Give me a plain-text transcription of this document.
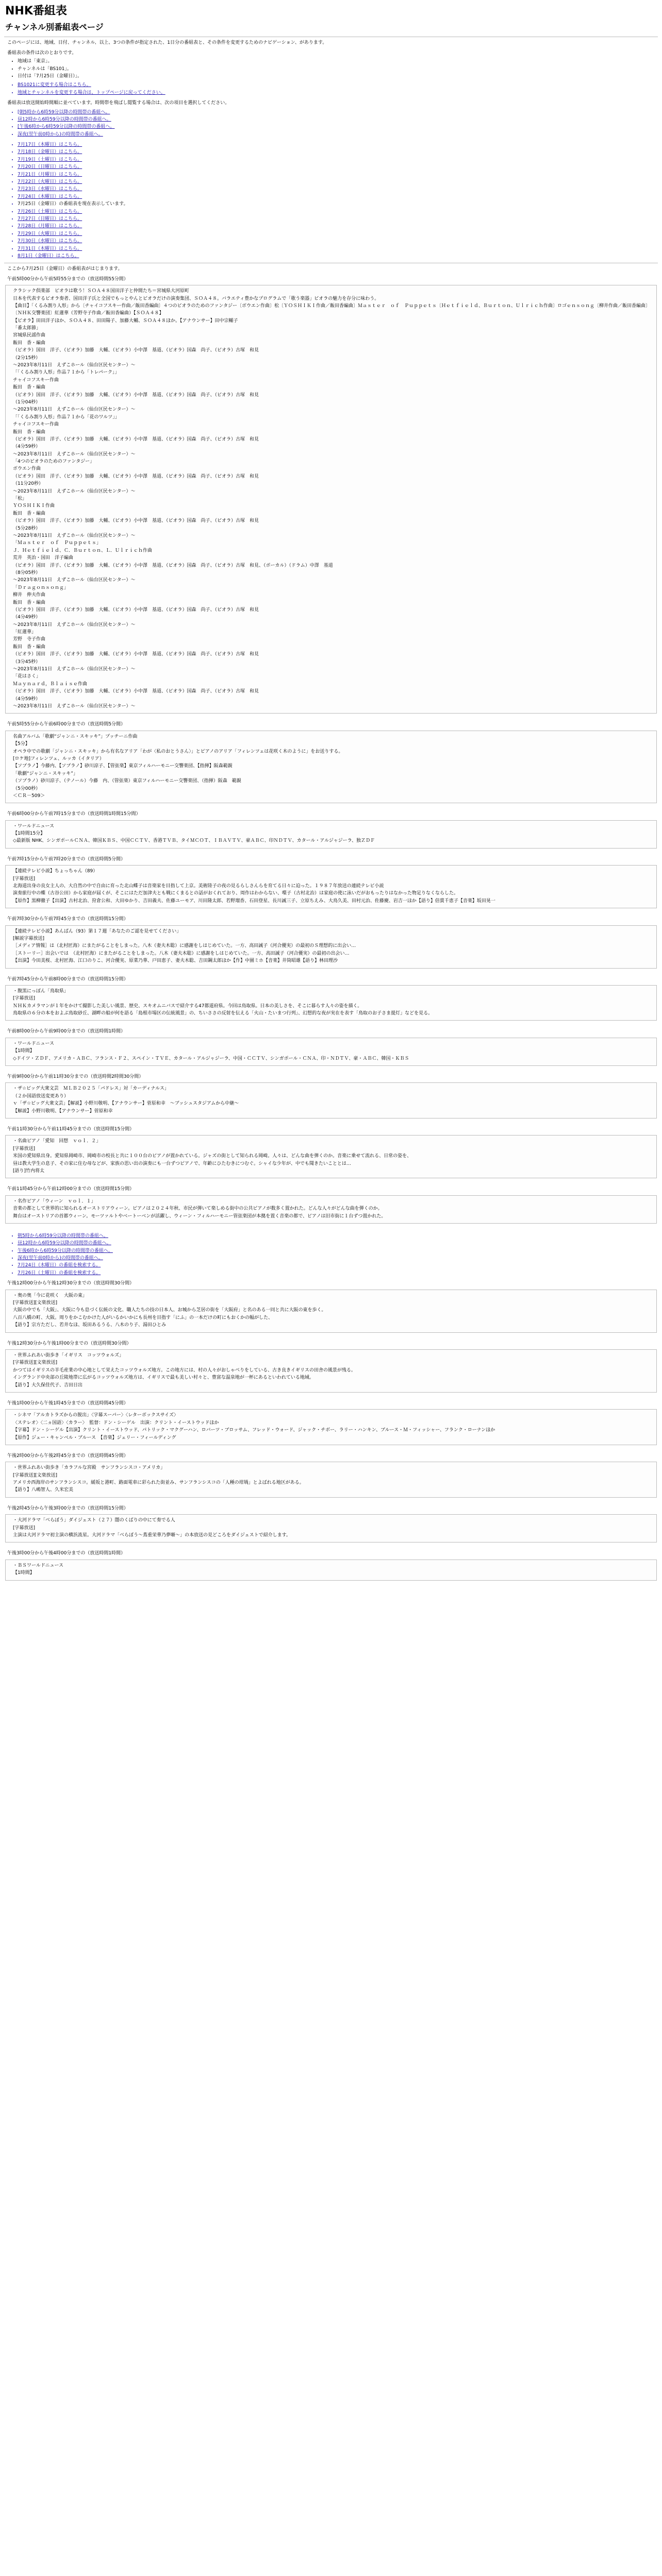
NHK番組表
チャンネル別番組表ページ

このページには、地域、日付、チャンネル、以上、3つの条件が指定された、1日分の番組表と、その条件を変更するためのナビゲーション、があります。

番組表の条件は次のとおりです。

• 地域は「東京」。
• チャンネルは「BS101」。
• 日付は「7月25日（金曜日）」。
• BS1021に変更する場合はこちら。
• 地域とチャンネルを変更する場合は、トップページに戻ってください。

番組表は放送開始時間順に並べています。時間帯を飛ばし閲覧する場合は、次の項目を選択してください。

• [朝5時から6時59分以降の時間帯の番組へ。
• 昼12時から6時59分以降の時間帯の番組へ。
• [午後6時から6時59分以降の時間帯の番組へ。
• 深夜(翌午前0時から)の時間帯の番組へ。
• 7月17日（木曜日）はこちら。
• 7月18日（金曜日）はこちら。
• 7月19日（土曜日）はこちら。
• 7月20日（日曜日）はこちら。
• 7月21日（月曜日）はこちら。
• 7月22日（火曜日）はこちら。
• 7月23日（水曜日）はこちら。
• 7月24日（木曜日）はこちら。
• 7月25日（金曜日）の番組表を現在表示しています。
• 7月26日（土曜日）はこちら。
• 7月27日（日曜日）はこちら。
• 7月28日（月曜日）はこちら。
• 7月29日（火曜日）はこちら。
• 7月30日（水曜日）はこちら。
• 7月31日（木曜日）はこちら。
• 8月1日（金曜日）はこちら。

ここから7月25日（金曜日）の番組表がはじまります。

午前5時00分から午前5時55分までの（放送時間55分間）

クラシック倶楽部　ピオラは歌う！ＳＯＡ４８国田洋子と仲間たち＝宮城県大河原町

日本を代表するビオラ奏者、国田洋子氏と全国でもっとやんとビオラだけの演奏集団、ＳＯＡ４８。バラエティ豊かなプログラムで「歌う楽器」ビオラの魅力を存分に味わう。

【曲目】「くるみ割り人形」から〔チャイコフスキー作曲／飯田香編曲〕４つのビオラのためのファンタジー〔ボウエン作曲〕松〔ＹＯＳＨＩＫＩ作曲／飯田香編曲〕Ｍａｓｔｅｒ　ｏｆ　Ｐｕｐｐｅｔｓ〔Ｈｅｔｆｉｅｌｄ、Ｂｕｒｔｏｎ、Ｕｌｒｉｃｈ作曲〕ロゴｅｎｓｏｎｇ〔柳井作曲／飯田香編曲〕　〔ＮＨＫ交響楽団〕紅蓮華（芳野寺子作曲／飯田香編曲）【ＳＯＡ４８】

【ビオラ】田田洋子ほか、ＳＯＡ４８、田田陽子、加藤大輔、ＳＯＡ４８ほか。【アナウンサー】田中宗輔子

「番太郎節」

宮城県民謡作曲

飯田　香・編曲

（ビオラ）国田　洋子、（ビオラ）加藤　大輔、（ビオラ）小中澤　基道、（ビオラ）国森　尚子、（ビオラ）古塚　和見

（2分15秒）

～2023年8月11日　えずこホール（仙台区民センター）～

「「くるみ割り人形」作品７１から「トレパーク」」

チャイコフスキー作曲

飯田　香・編曲

（ビオラ）国田　洋子、（ビオラ）加藤　大輔、（ビオラ）小中澤　基道、（ビオラ）国森　尚子、（ビオラ）古塚　和見

（1分04秒）

～2023年8月11日　えずこホール（仙台区民センター）～

「「くるみ割り人形」作品７１から「花のワルツ」」

チャイコフスキー作曲

飯田　香・編曲

（ビオラ）国田　洋子、（ビオラ）加藤　大輔、（ビオラ）小中澤　基道、（ビオラ）国森　尚子、（ビオラ）古塚　和見

（4分59秒）

～2023年8月11日　えずこホール（仙台区民センター）～

「4つのビオラのためのファンタジー」

ボウエン作曲

（ビオラ）国田　洋子、（ビオラ）加藤　大輔、（ビオラ）小中澤　基道、（ビオラ）国森　尚子、（ビオラ）古塚　和見

（11分20秒）

～2023年8月11日　えずこホール（仙台区民センター）～

「松」

ＹＯＳＨＩＫＩ作曲

飯田　香・編曲

（ビオラ）国田　洋子、（ビオラ）加藤　大輔、（ビオラ）小中澤　基道、（ビオラ）国森　尚子、（ビオラ）古塚　和見

（5分28秒）

～2023年8月11日　えずこホール（仙台区民センター）～

「Ｍａｓｔｅｒ　ｏｆ　Ｐｕｐｐｅｔｓ」

Ｊ．Ｈｅｔｆｉｅｌｄ、Ｃ．Ｂｕｒｔｏｎ、Ｌ．Ｕｌｒｉｃｈ作曲

荒井　英治・国田　洋子編曲

（ビオラ）国田　洋子、（ビオラ）加藤　大輔、（ビオラ）小中澤　基道、（ビオラ）国森　尚子、（ビオラ）古塚　和見、（ボーカル）（ドラム）中澤　基道

（8分05秒）

～2023年8月11日　えずこホール（仙台区民センター）～

「Ｄｒａｇｏｎｓｏｎｇ」

柳井　伸夫作曲

飯田　香・編曲

（ビオラ）国田　洋子、（ビオラ）加藤　大輔、（ビオラ）小中澤　基道、（ビオラ）国森　尚子、（ビオラ）古塚　和見

（4分49秒）

～2023年8月11日　えずこホール（仙台区民センター）～

「紅蓮華」

芳野　寺子作曲

飯田　香・編曲

（ビオラ）国田　洋子、（ビオラ）加藤　大輔、（ビオラ）小中澤　基道、（ビオラ）国森　尚子、（ビオラ）古塚　和見

（3分45秒）

～2023年8月11日　えずこホール（仙台区民センター）～

「花はさく」

Ｍａｙｎａｒｄ，Ｂｌａｉｓｅ作曲

（ビオラ）国田　洋子、（ビオラ）加藤　大輔、（ビオラ）小中澤　基道、（ビオラ）国森　尚子、（ビオラ）古塚　和見

（4分59秒）

～2023年8月11日　えずこホール（仙台区民センター）～

午前5時55分から午前6時00分までの（放送時間5分間）

名曲アルバム「歌劇“ジャンニ・スキッキ”」プッチーニ作曲

【5分】

オペラ中での歌劇「ジャンニ・スキッキ」から有名なアリア「わが〈私のおとうさん〉」とピアノのアリア「フィレンツェは花咲く木のように」をお送りする。

[ロケ地]フィレンツェ、ルッカ（イタリア）

【ソプラノ】今藤内、【ソプラノ】砂川涼子、【管弦楽】東京フィルハーモニー交響楽団、【指揮】阪森範親

「歌劇“ジャンニ・スキッキ”」

（ソプラノ）砂川涼子、（テノール）今藤　内、（管弦楽）東京フィルハーモニー交響楽団、（指揮）阪森　範親

（5分00秒）

＜ＣＲ－509＞

午前6時00分から午前7時15分までの（放送時間1時間15分間）

・ワールドニュース

【1時間15分】

◇最新版 NHK、シンガポールＣＮＡ、韓国ＫＢＳ、中国ＣＣＴＶ、香港ＴＶＢ、タイＭＣＯＴ、ＩＢＡＶＴＶ、豪ＡＢＣ、印ＮＤＴＶ、カタール・アルジャジーラ、独ＺＤＦ

午前7時15分から午前7時20分までの（放送時間5分間）

【連続テレビ小説】ちょっちゃん（89）

[字幕放送]

北海道出身の良女主人の、大自然の中で自由に育った北山蝶子は音楽家を目指して上京。美術陸子の夜の見るらしさんらを育てる日々に迫った。１９８７年放送の連続テレビ小説

演奏旅行中の蝶（古谷公田）から家庭が届くが、そこにはただ加津夫とも戦にくまるとの話がおくれており、周作はわからない、喋子（古村北治）は家庭の使に泳いだがおもったりはなかった物足りなくならした。

【原作】黒柳徹子【出演】古村北治、狩倉公和、大田ゆかり、吉田義夫、佐藤ユーモア、川田隆太郎、若野瑠香、石田登星、長川誠三子、立原ちえみ、大鳥久美、田村元治、佐藤慶、岩吉一ほか【語り】倍賞千恵子【音楽】坂田晃一

午前7時30分から午前7時45分までの（放送時間15分間）

【連続テレビ小説】あんぱん（93）第１７週「あなたのご認を見せてください」

[解説字幕放送]

［メディア情報］は（北村匠海）にまたがることをしまった。八木（妻夫木聡）に感謝をしはじめていた。一方、高田誠子（河合優実）の最初のＳ理想的に出会い…

［ストーリー］出会いでは　（北村匠海）にまたがることをしまった。八木（妻夫木聡）に感謝をしはじめていた。一方、高田誠子（河合優実）の最初の出会い…

【出演】今田美桜、北村匠海、江口のりこ、河合優実、原菜乃華、戸田恵子、妻夫木聡、吉田鋼太郎ほか【作】中園ミホ【音楽】井筒昭雄【語り】林田理沙

午前7時45分から午前8時00分までの（放送時間15分間）

・腹黒にっぽん「鳥取県」

[字幕放送]

ＮＨＫカメラマンが１年をかけて撮影した美しい風景、歴史、スキオムニバスで紹介する47都道府県。今回は鳥取県。日本の美しさを、そこに暮らす人々の姿を描く。

鳥取県の６分の本をおよぶ鳥取砂丘、湖畔の船が何を語る「島根市場区の伝統風景」の、ちいささの反射を伝える「火山・たいまつ行列」、幻想的な夜が実在を表す「鳥取のお子さま提灯」などを見る。

午前8時00分から午前9時00分までの（放送時間1時間）

・ワールドニュース

【1時間】

◇ドイツ・ＺＤＦ、アメリカ・ＡＢＣ、フランス・Ｆ２、スペイン・ＴＶＥ、カタール・アルジャジーラ、中国・ＣＣＴＶ、シンガポール・ＣＮＡ、印・ＮＤＴＶ、豪・ＡＢＣ、韓国・ＫＢＳ

午前9時00分から午前11時30分までの（放送時間2時間30分間）

・ザ☆ビッグ大衆文芸　ＭＬＢ２０２５「パドレス」対「カーディナルス」

（２か国語放送変更あり）

ｖ「ザ☆ビッグ大衆文芸」【解説】小野川敬明、【アナウンサー】菅原和幸　〜ブッシュスタジアムから中継〜

【解説】小野川敬明、【アナウンサー】菅原和幸

午前11時30分から午前11時45分までの（放送時間15分間）

・名曲ピアノ「愛知　回想　ｖｏｌ．２」

[字幕放送]

米国の愛知県出身。愛知県岡崎市、岡崎市の校長と共に１００台のピアノが置かれている。ジャズの街として知られる岡崎。人々は、どんな曲を弾くのか。音楽に乗せて流れる、日常の姿を、

昼は教大学生の息子、その家に住む母などが、家族の思い出の演奏にも一台ずつピアノで、年齢にひたむきにつむぐ。シャイな少年が、中でも聞きたいこととは…

[語り]竹内将太

午前11時45分から午前12時00分までの（放送時間15分間）

・名作ピアノ「ウィーン　ｖｏｌ．１」

音楽の都として世界的に知られるオーストリアウィーン。ピアノは２０２４年秋、市民が弾いて楽しめる街中の公共ピアノが数多く置かれた。どんな人々がどんな曲を弾くのか。

舞台はオーストリアの首都ウィーン。モーツァルトやベートーベンが活躍し、ウィーン・フィルハーモニー管弦楽団が本拠を置く音楽の都で、ピアノは旧市街に１台ずつ置かれた。

• 朝5時から6時59分以降の時間帯の番組へ。
• 昼12時から6時59分以降の時間帯の番組へ。
• 午後6時から6時59分以降の時間帯の番組へ。
• 深夜(翌午前0時から)の時間帯の番組へ。
• 7月24日（木曜日）の番組を検索する。
• 7月26日（土曜日）の番組を検索する。

午後12時00分から午後12時30分までの（放送時間30分間）

・奥の奥「今に花咲く　大阪の東」

[字幕放送][文楽放送]

大阪の中でも「大阪」、大阪に今も息づく伝統の文化、職人たちの技の日本人、お城から芝居の街を「大阪府」と名のある一同と共に大阪の東を歩く。

八百八橋の町、大阪。周りをかこむかけた人がいるかいかにも長州を目指す「にふ」の一本だけの町にもおくかの幅がした、

【語り】宗方ただし、若井なほ、坂田あるうる、八木のり子、湯田ひとみ

午後12時30分から午後1時00分までの（放送時間30分間）

・世界ふれあい街歩き「イギリス　コッツウォルズ」

[字幕放送][文楽放送]

かつてはイギリスの羊毛産業の中心地として栄えたコッツウォルズ地方。この地方には、村の人々がおしゃべりをしている、古き良きイギリスの田舎の風景が残る。

イングランド中央部の丘陵地帯に広がるコッツウォルズ地方は、イギリスで最も美しい村々と、豊富な温泉地が一杯にあるといわれている地域。

【語り】大久保佳代子、吉田日出

午後1時00分から午後1時45分までの（放送時間45分間）

・シネマ「アルカトラズからの脱出」〈字幕スーパー〉〈レターボックスサイズ〉

〈ステレオ〉〈二ヵ国語〉〈カラー〉　監督：ドン・シーゲル　出演：クリント・イーストウッドほか

【字幕】ドン・シーゲル【出演】クリント・イーストウッド、パトリック・マクグーハン、ロバーツ・ブロッサム、フレッド・ウォード、ジャック・チボー、ラリー・ハンキン、ブルース・Ｍ・フィッシャー、フランク・ローナンほか

【原作】ジェー・キャンベル・ブルース　【音楽】ジェリー・フィールディング

午後2時00分から午後2時45分までの（放送時間45分間）

・世界ふれあい街歩き「カラフルな宮殿　サンフランシスコ・アメリカ」

[字幕放送][文楽放送]

アメリカ西海岸のサンフランシスコ。緩坂と港町、路面電車に彩られた街並み、サンフランシスコの「人種の坩堝」とよばれる地区がある。

【語り】八嶋智人、久米宏美

午後2時45分から午後3時00分までの（放送時間15分間）

・大河ドラマ「べらぼう」ダイジェスト（２７）闇のくばりの中にて奏でる人

[字幕放送]

主演は大河ドラマ初主演の横浜流星。大河ドラマ「べらぼう〜蔦重栄華乃夢噺〜」の本放送の見どころをダイジェストで紹介します。

午後3時00分から午後4時00分までの（放送時間1時間）

・ＢＳワールドニュース

【1時間】
